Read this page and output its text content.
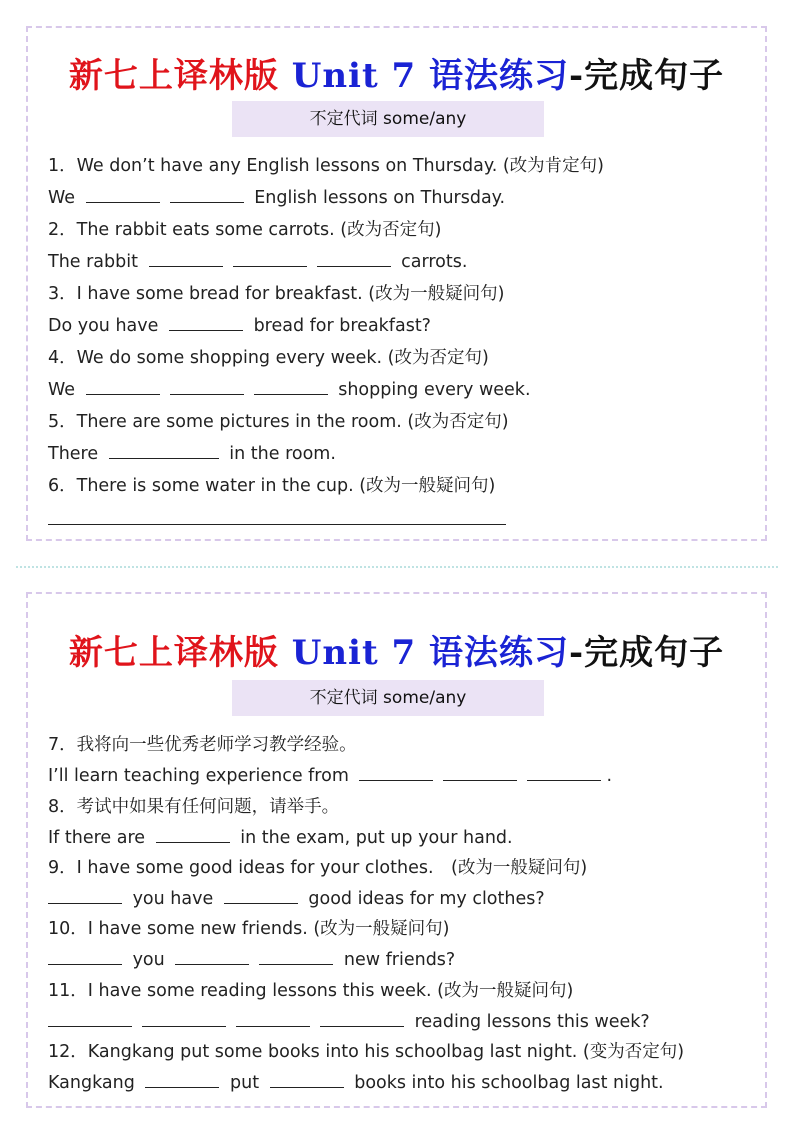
新七上译林版 Unit 7 语法练习-完成句子
不定代词 some/any
1．We don’t have any English lessons on Thursday. (改为肯定句)
We	English lessons on Thursday.
2．The rabbit eats some carrots. (改为否定句)
The rabbit	carrots.
3．I have some bread for breakfast. (改为一般疑问句)
Do you have	bread for breakfast?
4．We do some shopping every week. (改为否定句)
We	shopping every week.
5．There are some pictures in the room. (改为否定句)
There	in the room.
6．There is some water in the cup. (改为一般疑问句)
新七上译林版 Unit 7 语法练习-完成句子
不定代词 some/any
7．我将向一些优秀老师学习教学经验。
I’ll learn teaching experience from	.
8．考试中如果有任何问题，请举手。
If there are	in the exam, put up your hand.
9．I have some good ideas for your clothes.　(改为一般疑问句)
you have	good ideas for my clothes?
10．I have some new friends. (改为一般疑问句)
you	new friends?
11．I have some reading lessons this week. (改为一般疑问句)
reading lessons this week?
12．Kangkang put some books into his schoolbag last night. (变为否定句)
Kangkang	put	books into his schoolbag last night.
